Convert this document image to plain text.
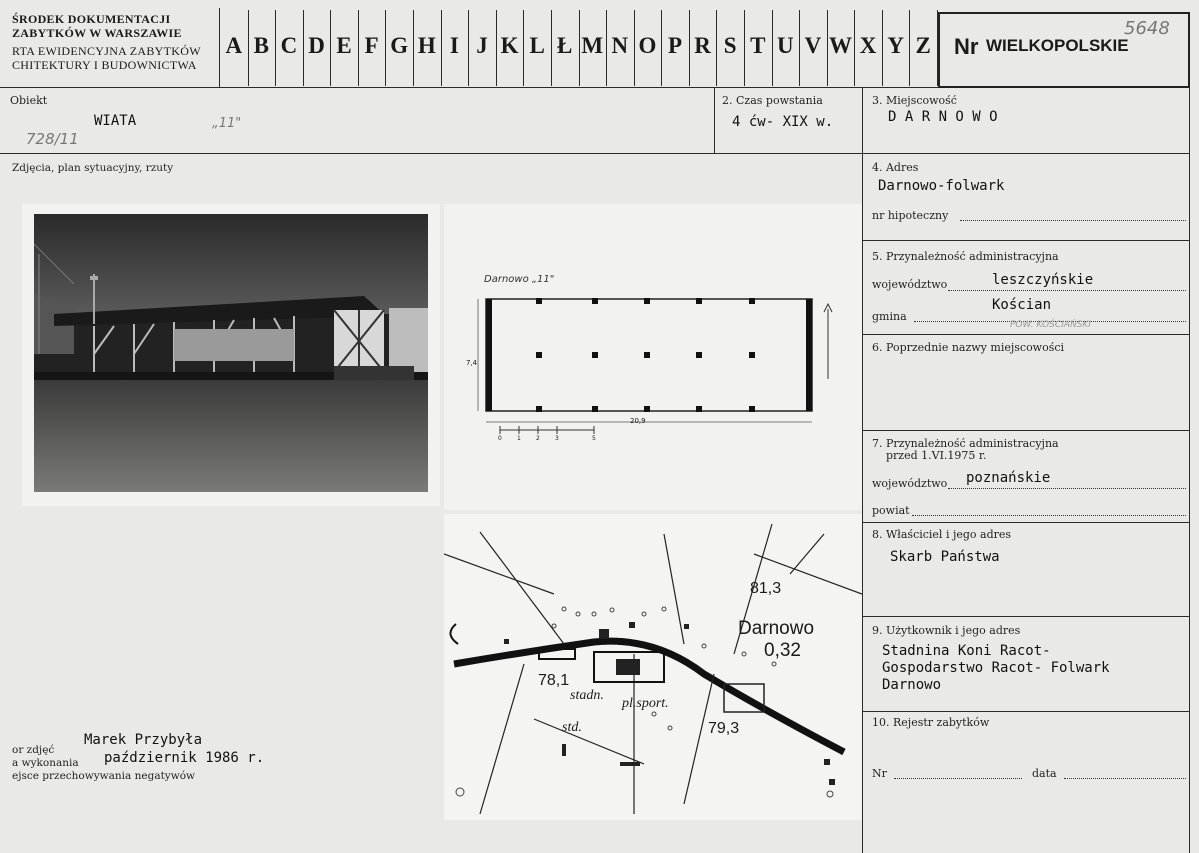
ŚRODEK DOKUMENTACJI
ZABYTKÓW W WARSZAWIE
RTA EWIDENCYJNA ZABYTKÓW
CHITEKTURY I BUDOWNICTWA
A B C D E F G H I J K L Ł M N O P R S T U V W X Y Z Nr WIELKOPOLSKIE
5648
Obiekt
WIATA	„11"
728/11
2. Czas powstania
4 ćw- XIX w.
3. Miejscowość
D A R N O W O
Zdjęcia, plan sytuacyjny, rzuty
Darnowo „11"
7,4
20,9
0	1	2	3	5
Darnowo
81,3
0,32
78,1
79,3
stadn.
pl.sport.
std.
or zdjęć
a wykonania
ejsce przechowywania negatywów
Marek Przybyła
październik 1986 r.
4. Adres
Darnowo-folwark
nr hipoteczny
5. Przynależność administracyjna
województwo	leszczyńskie
Kościan
gmina
POW. KOŚCIAŃSKI
6. Poprzednie nazwy miejscowości
7. Przynależność administracyjna
przed 1.VI.1975 r.
województwo poznańskie
powiat
8. Właściciel i jego adres
Skarb Państwa
9. Użytkownik i jego adres
Stadnina Koni Racot-
Gospodarstwo Racot- Folwark
Darnowo
10. Rejestr zabytków
Nr	data
